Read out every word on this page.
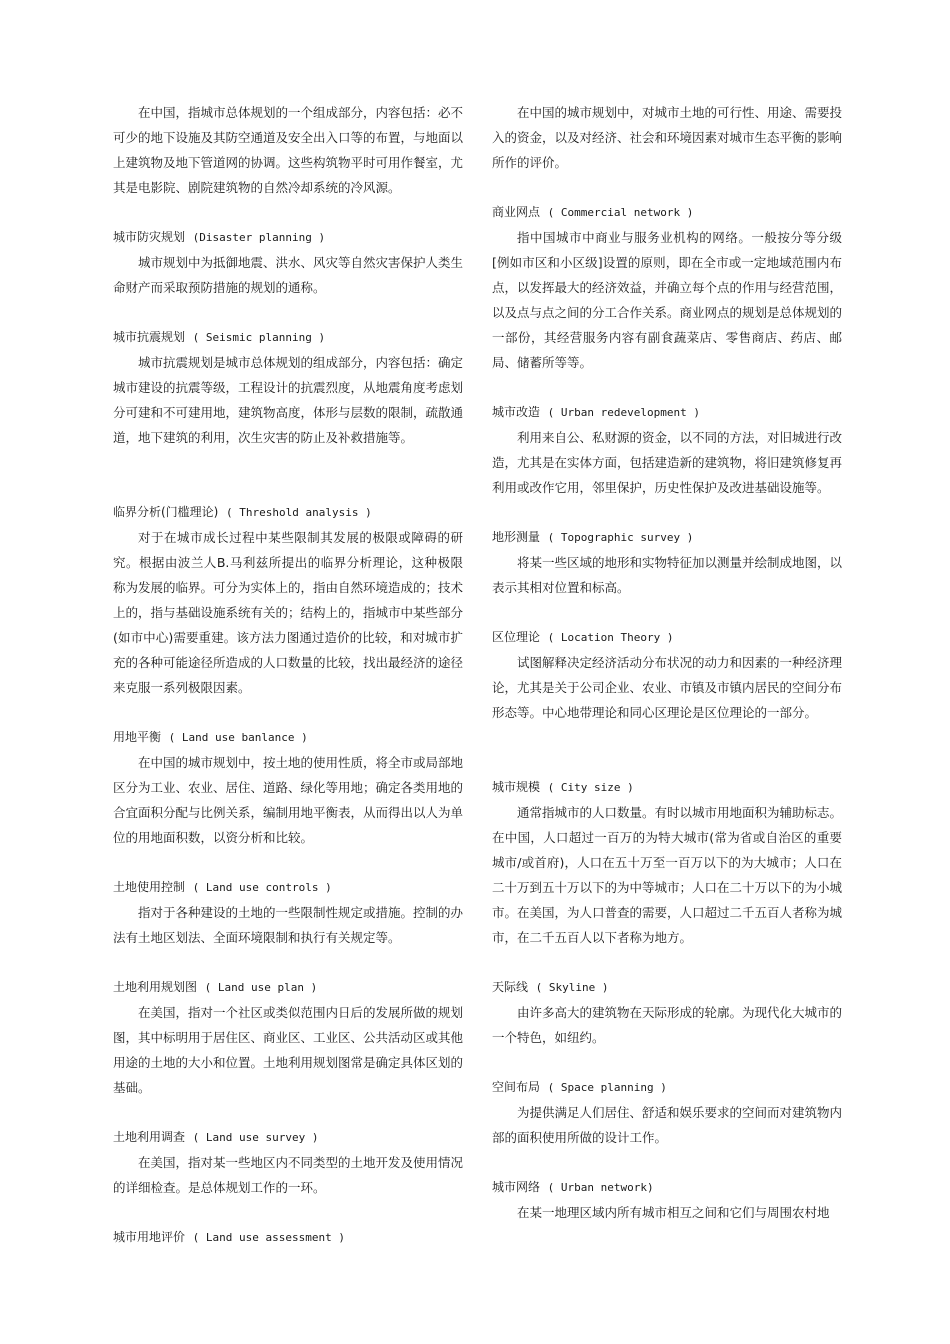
在中国，指城市总体规划的一个组成部分，内容包括：必不可少的地下设施及其防空通道及安全出入口等的布置，与地面以上建筑物及地下管道网的协调。这些构筑物平时可用作餐室，尤其是电影院、剧院建筑物的自然冷却系统的冷风源。

城市防灾规划 (Disaster planning )

城市规划中为抵御地震、洪水、风灾等自然灾害保护人类生命财产而采取预防措施的规划的通称。

城市抗震规划 ( Seismic planning )

城市抗震规划是城市总体规划的组成部分，内容包括：确定城市建设的抗震等级，工程设计的抗震烈度，从地震角度考虑划分可建和不可建用地，建筑物高度，体形与层数的限制，疏散通道，地下建筑的利用，次生灾害的防止及补救措施等。

临界分析(门槛理论) ( Threshold analysis )

对于在城市成长过程中某些限制其发展的极限或障碍的研究。根据由波兰人B.马利兹所提出的临界分析理论，这种极限称为发展的临界。可分为实体上的，指由自然环境造成的；技术上的，指与基础设施系统有关的；结构上的，指城市中某些部分(如市中心)需要重建。该方法力图通过造价的比较，和对城市扩充的各种可能途径所造成的人口数量的比较，找出最经济的途径来克服一系列极限因素。

用地平衡 ( Land use banlance )

在中国的城市规划中，按土地的使用性质，将全市或局部地区分为工业、农业、居住、道路、绿化等用地；确定各类用地的合宜面积分配与比例关系，编制用地平衡表，从而得出以人为单位的用地面积数，以资分析和比较。

土地使用控制 ( Land use controls )

指对于各种建设的土地的一些限制性规定或措施。控制的办法有土地区划法、全面环境限制和执行有关规定等。

土地利用规划图 ( Land use plan )

在美国，指对一个社区或类似范围内日后的发展所做的规划图，其中标明用于居住区、商业区、工业区、公共活动区或其他用途的土地的大小和位置。土地利用规划图常是确定具体区划的基础。

土地利用调查 ( Land use survey )

在美国，指对某一些地区内不同类型的土地开发及使用情况的详细检查。是总体规划工作的一环。

城市用地评价 ( Land use assessment )

在中国的城市规划中，对城市土地的可行性、用途、需要投入的资金，以及对经济、社会和环境因素对城市生态平衡的影响所作的评价。

商业网点 ( Commercial network )

指中国城市中商业与服务业机构的网络。一般按分等分级[例如市区和小区级]设置的原则，即在全市或一定地域范围内布点，以发挥最大的经济效益，并确立每个点的作用与经营范围，以及点与点之间的分工合作关系。商业网点的规划是总体规划的一部份，其经营服务内容有副食蔬菜店、零售商店、药店、邮局、储蓄所等等。

城市改造 ( Urban redevelopment )

利用来自公、私财源的资金，以不同的方法，对旧城进行改造，尤其是在实体方面，包括建造新的建筑物，将旧建筑修复再利用或改作它用，邻里保护，历史性保护及改进基础设施等。

地形测量 ( Topographic survey )

将某一些区域的地形和实物特征加以测量并绘制成地图，以表示其相对位置和标高。

区位理论 ( Location Theory )

试图解释决定经济活动分布状况的动力和因素的一种经济理论，尤其是关于公司企业、农业、市镇及市镇内居民的空间分布形态等。中心地带理论和同心区理论是区位理论的一部分。

城市规模 ( City size )

通常指城市的人口数量。有时以城市用地面积为辅助标志。在中国，人口超过一百万的为特大城市(常为省或自治区的重要城市/或首府)，人口在五十万至一百万以下的为大城市；人口在二十万到五十万以下的为中等城市；人口在二十万以下的为小城市。在美国，为人口普查的需要，人口超过二千五百人者称为城市，在二千五百人以下者称为地方。

天际线 ( Skyline )

由许多高大的建筑物在天际形成的轮廓。为现代化大城市的一个特色，如纽约。

空间布局 ( Space planning )

为提供满足人们居住、舒适和娱乐要求的空间而对建筑物内部的面积使用所做的设计工作。

城市网络 ( Urban network)

在某一地理区域内所有城市相互之间和它们与周围农村地
